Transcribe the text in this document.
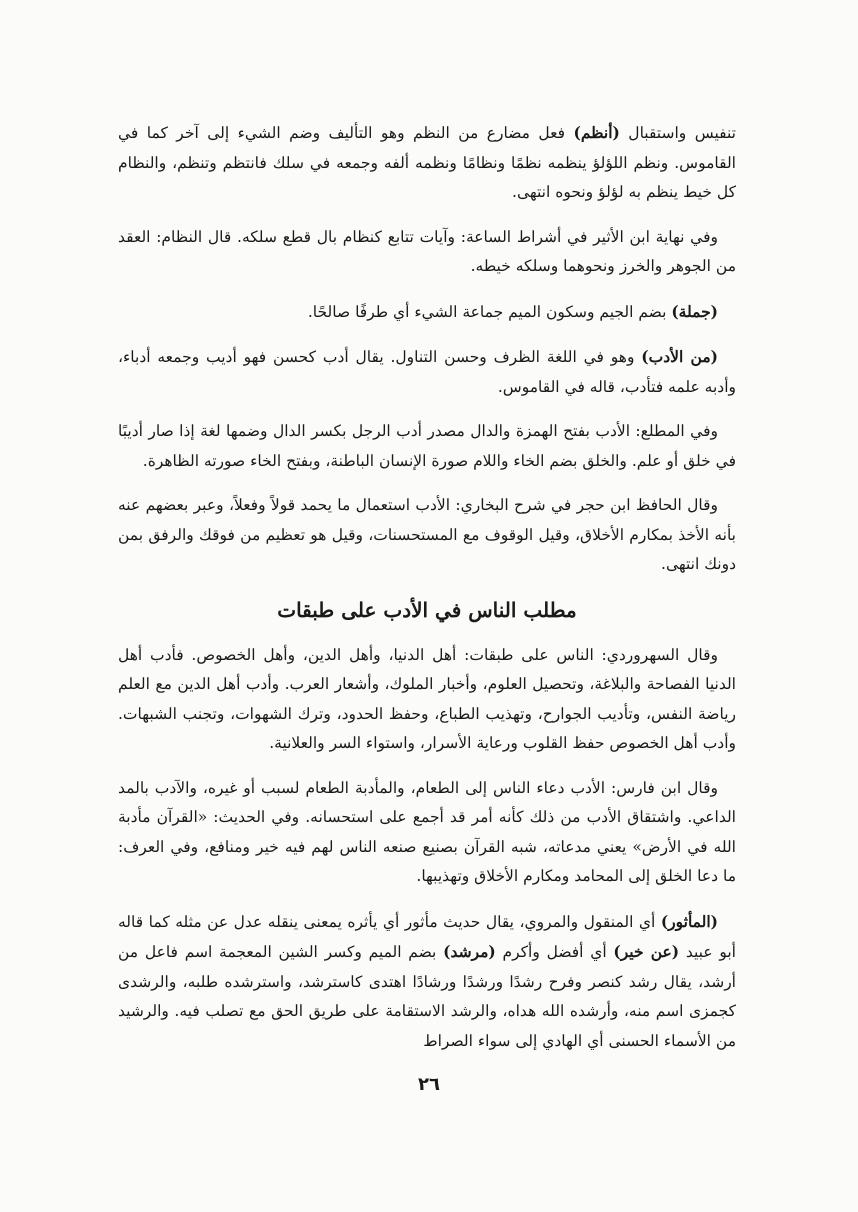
تنفيس واستقبال (أنظم) فعل مضارع من النظم وهو التأليف وضم الشيء إلى آخر كما في القاموس. ونظم اللؤلؤ ينظمه نظمًا ونظامًا ونظمه ألفه وجمعه في سلك فانتظم وتنظم، والنظام كل خيط ينظم به لؤلؤ ونحوه انتهى.

وفي نهاية ابن الأثير في أشراط الساعة: وآيات تتابع كنظام بال قطع سلكه. قال النظام: العقد من الجوهر والخرز ونحوهما وسلكه خيطه.

(جملة) بضم الجيم وسكون الميم جماعة الشيء أي طرفًا صالحًا.

(من الأدب) وهو في اللغة الظرف وحسن التناول. يقال أدب كحسن فهو أديب وجمعه أدباء، وأدبه علمه فتأدب، قاله في القاموس.

وفي المطلع: الأدب بفتح الهمزة والدال مصدر أدب الرجل بكسر الدال وضمها لغة إذا صار أديبًا في خلق أو علم. والخلق بضم الخاء واللام صورة الإنسان الباطنة، وبفتح الخاء صورته الظاهرة.

وقال الحافظ ابن حجر في شرح البخاري: الأدب استعمال ما يحمد قولاً وفعلاً، وعبر بعضهم عنه بأنه الأخذ بمكارم الأخلاق، وقيل الوقوف مع المستحسنات، وقيل هو تعظيم من فوقك والرفق بمن دونك انتهى.

مطلب الناس في الأدب على طبقات

وقال السهروردي: الناس على طبقات: أهل الدنيا، وأهل الدين، وأهل الخصوص. فأدب أهل الدنيا الفصاحة والبلاغة، وتحصيل العلوم، وأخبار الملوك، وأشعار العرب. وأدب أهل الدين مع العلم رياضة النفس، وتأديب الجوارح، وتهذيب الطباع، وحفظ الحدود، وترك الشهوات، وتجنب الشبهات. وأدب أهل الخصوص حفظ القلوب ورعاية الأسرار، واستواء السر والعلانية.

وقال ابن فارس: الأدب دعاء الناس إلى الطعام، والمأدبة الطعام لسبب أو غيره، والآدب بالمد الداعي. واشتقاق الأدب من ذلك كأنه أمر قد أجمع على استحسانه. وفي الحديث: «القرآن مأدبة الله في الأرض» يعني مدعاته، شبه القرآن بصنيع صنعه الناس لهم فيه خير ومنافع، وفي العرف: ما دعا الخلق إلى المحامد ومكارم الأخلاق وتهذيبها.

(المأثور) أي المنقول والمروي، يقال حديث مأثور أي يأثره يمعنى ينقله عدل عن مثله كما قاله أبو عبيد (عن خير) أي أفضل وأكرم (مرشد) بضم الميم وكسر الشين المعجمة اسم فاعل من أرشد، يقال رشد كنصر وفرح رشدًا ورشدًا ورشادًا اهتدى كاسترشد، واسترشده طلبه، والرشدى كجمزى اسم منه، وأرشده الله هداه، والرشد الاستقامة على طريق الحق مع تصلب فيه. والرشيد من الأسماء الحسنى أي الهادي إلى سواء الصراط

٢٦
